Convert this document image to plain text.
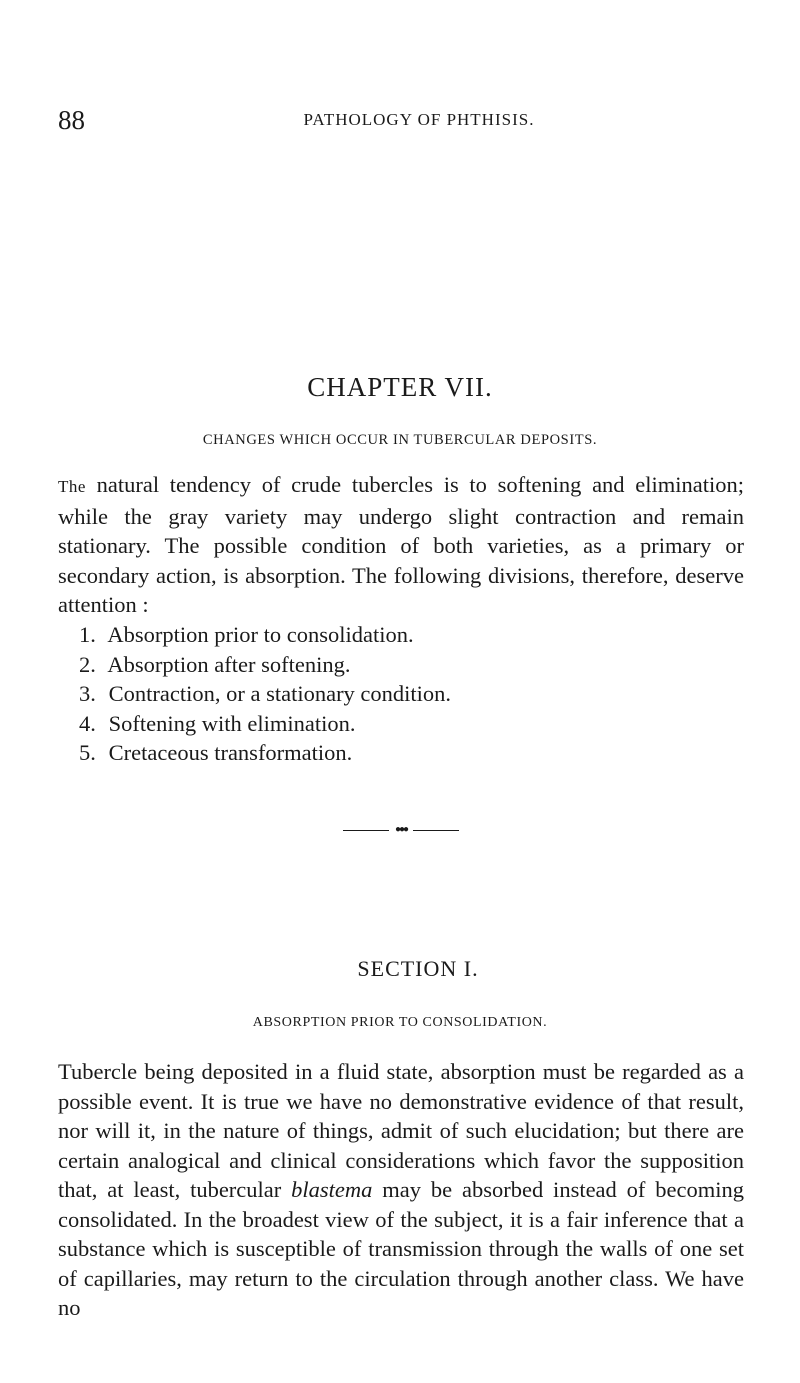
88	PATHOLOGY OF PHTHISIS.
CHAPTER VII.
CHANGES WHICH OCCUR IN TUBERCULAR DEPOSITS.

The natural tendency of crude tubercles is to softening and elimination; while the gray variety may undergo slight contraction and remain stationary. The possible condition of both varieties, as a primary or secondary action, is absorption. The following divisions, therefore, deserve attention :

1. Absorption prior to consolidation.
2. Absorption after softening.
3. Contraction, or a stationary condition.
4. Softening with elimination.
5. Cretaceous transformation.
●●●
SECTION I.
ABSORPTION PRIOR TO CONSOLIDATION.

Tubercle being deposited in a fluid state, absorption must be regarded as a possible event. It is true we have no demonstrative evidence of that result, nor will it, in the nature of things, admit of such elucidation; but there are certain analogical and clinical considerations which favor the supposition that, at least, tubercular blastema may be absorbed instead of becoming consolidated. In the broadest view of the subject, it is a fair inference that a substance which is susceptible of transmission through the walls of one set of capillaries, may return to the circulation through another class. We have no
